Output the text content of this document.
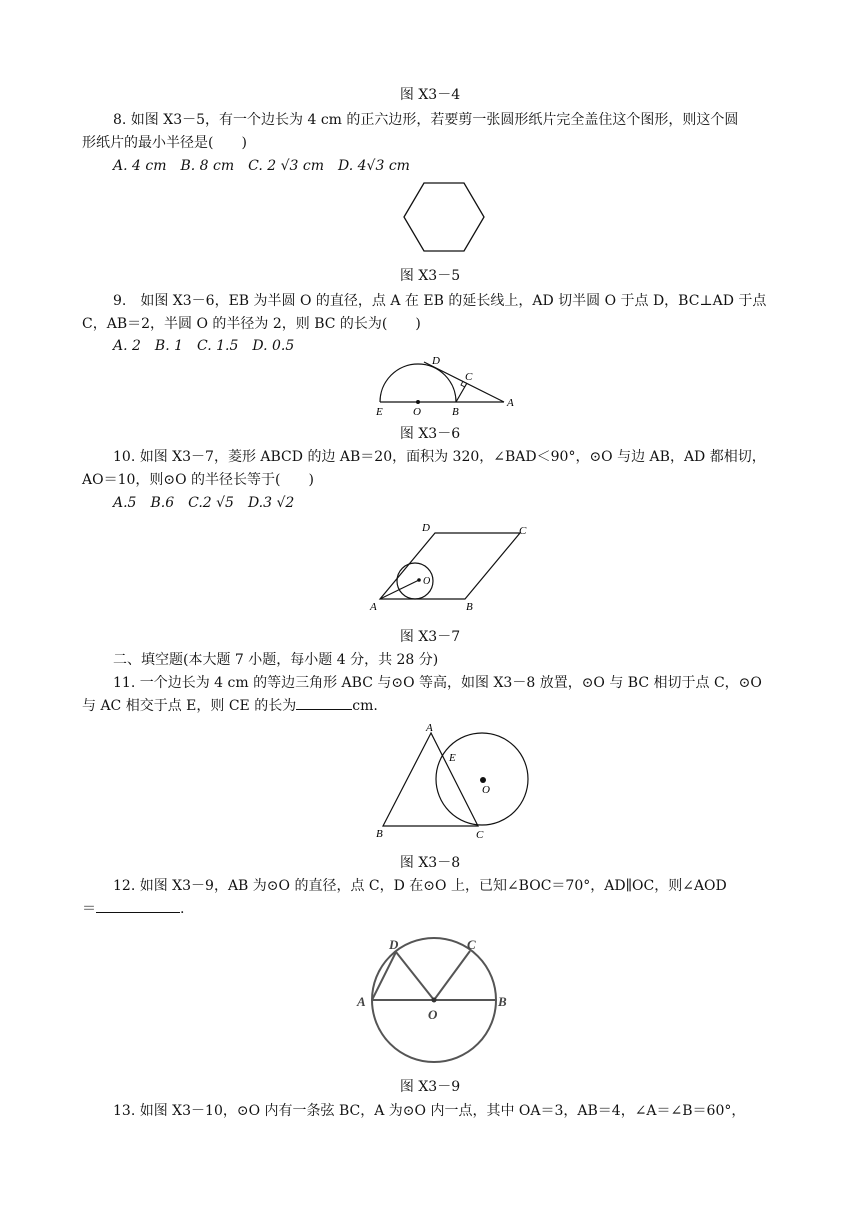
图 X3－4
8. 如图 X3－5，有一个边长为 4 cm 的正六边形，若要剪一张圆形纸片完全盖住这个图形，则这个圆
形纸片的最小半径是(　　)
A. 4 cm　B. 8 cm　C. 2 √3 cm　D. 4√3 cm
图 X3－5
9.　如图 X3－6，EB 为半圆 O 的直径，点 A 在 EB 的延长线上，AD 切半圆 O 于点 D，BC⊥AD 于点
C，AB＝2，半圆 O 的半径为 2，则 BC 的长为(　　)
A. 2　B. 1　C. 1.5　D. 0.5
E	O	B
A
D
C
图 X3－6
10. 如图 X3－7，菱形 ABCD 的边 AB＝20，面积为 320，∠BAD＜90°，⊙O 与边 AB，AD 都相切，
AO＝10，则⊙O 的半径长等于(　　)
A.5　B.6　C.2 √5　D.3 √2
A	B
C
D
O
图 X3－7
二、填空题(本大题 7 小题，每小题 4 分，共 28 分)
11. 一个边长为 4 cm 的等边三角形 ABC 与⊙O 等高，如图 X3－8 放置，⊙O 与 BC 相切于点 C，⊙O
与 AC 相交于点 E，则 CE 的长为	cm.
A
B	C
E
O
图 X3－8
12. 如图 X3－9，AB 为⊙O 的直径，点 C，D 在⊙O 上，已知∠BOC＝70°，AD∥OC，则∠AOD
＝	.
A	B
D	C
O
图 X3－9
13. 如图 X3－10，⊙O 内有一条弦 BC，A 为⊙O 内一点，其中 OA＝3，AB＝4，∠A＝∠B＝60°，
